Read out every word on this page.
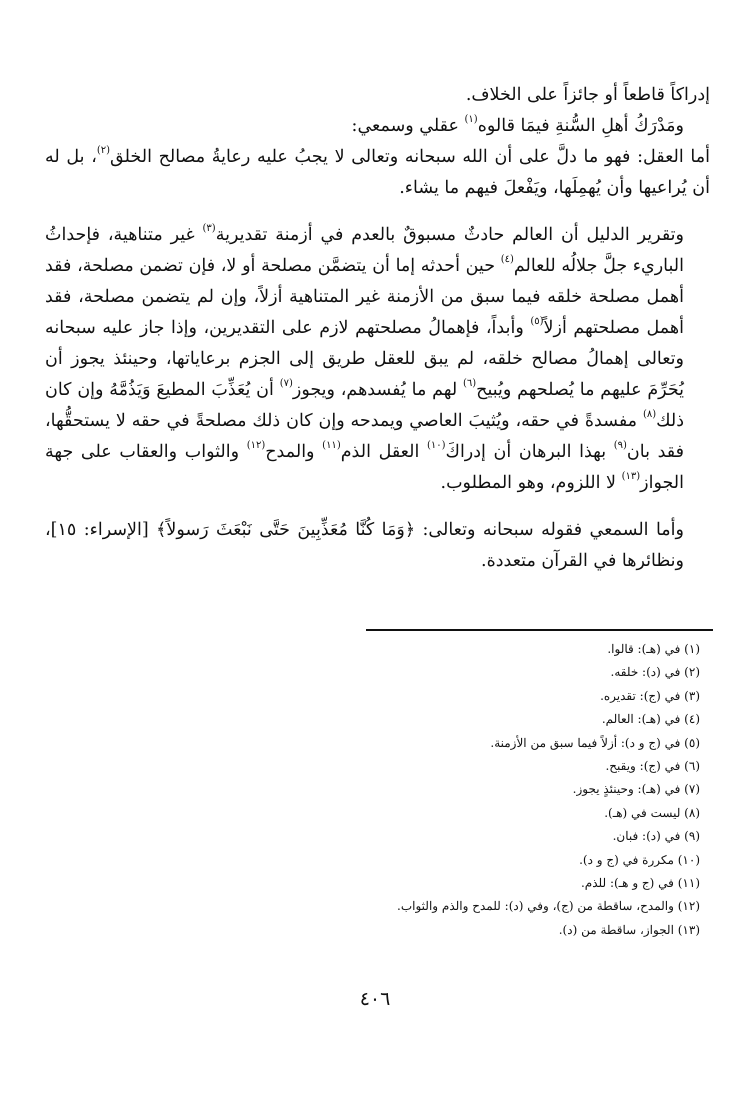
إدراكاً قاطعاً أو جائزاً على الخلاف.

ومَدْرَكُ أهلِ السُّنةِ فيمَا قالوه$^{(١)}$ عقلي وسمعي:

أما العقل: فهو ما دلَّ على أن الله سبحانه وتعالى لا يجبُ عليه رعايةُ مصالح الخلق$^{(٢)}$، بل له أن يُراعيها وأن يُهمِلَها، ويَفْعلَ فيهم ما يشاء.

وتقرير الدليل أن العالم حادثٌ مسبوقٌ بالعدم في أزمنة تقديرية$^{(٣)}$ غير متناهية، فإحداثُ الباريء جلَّ جلالُه للعالم$^{(٤)}$ حين أحدثه إما أن يتضمَّن مصلحة أو لا، فإن تضمن مصلحة، فقد أهمل مصلحة خلقه فيما سبق من الأزمنة غير المتناهية أزلاً، وإن لم يتضمن مصلحة، فقد أهمل مصلحتهم أزلاً$^{(٥)}$ وأبداً، فإهمالُ مصلحتهم لازم على التقديرين، وإذا جاز عليه سبحانه وتعالى إهمالُ مصالح خلقه، لم يبق للعقل طريق إلى الجزم برعاياتها، وحينئذ يجوز أن يُحَرِّمَ عليهم ما يُصلحهم ويُبيح$^{(٦)}$ لهم ما يُفسدهم، ويجوز$^{(٧)}$ أن يُعَذِّبَ المطيعَ وَيَذُمَّهُ وإن كان ذلك$^{(٨)}$ مفسدةً في حقه، ويُثيبَ العاصي ويمدحه وإن كان ذلك مصلحةً في حقه لا يستحقُّها، فقد بان$^{(٩)}$ بهذا البرهان أن إدراكَ$^{(١٠)}$ العقل الذم$^{(١١)}$ والمدح$^{(١٢)}$ والثواب والعقاب على جهة الجواز$^{(١٣)}$ لا اللزوم، وهو المطلوب.

وأما السمعي فقوله سبحانه وتعالى: ﴿وَمَا كُنَّا مُعَذِّبِينَ حَتَّى نَبْعَثَ رَسولاً﴾ [الإسراء: ١٥]، ونظائرها في القرآن متعددة.

(١) في (هـ): قالوا.
(٢) في (د): خلقه.
(٣) في (ج): تقديره.
(٤) في (هـ): العالم.
(٥) في (ج و د): أزلاً فيما سبق من الأزمنة.
(٦) في (ج): ويقبح.
(٧) في (هـ): وحينئذٍ يجوز.
(٨) ليست في (هـ).
(٩) في (د): فبان.
(١٠) مكررة في (ج و د).
(١١) في (ج و هـ): للذم.
(١٢) والمدح، ساقطة من (ج)، وفي (د): للمدح والذم والثواب.
(١٣) الجواز، ساقطة من (د).
٤٠٦
